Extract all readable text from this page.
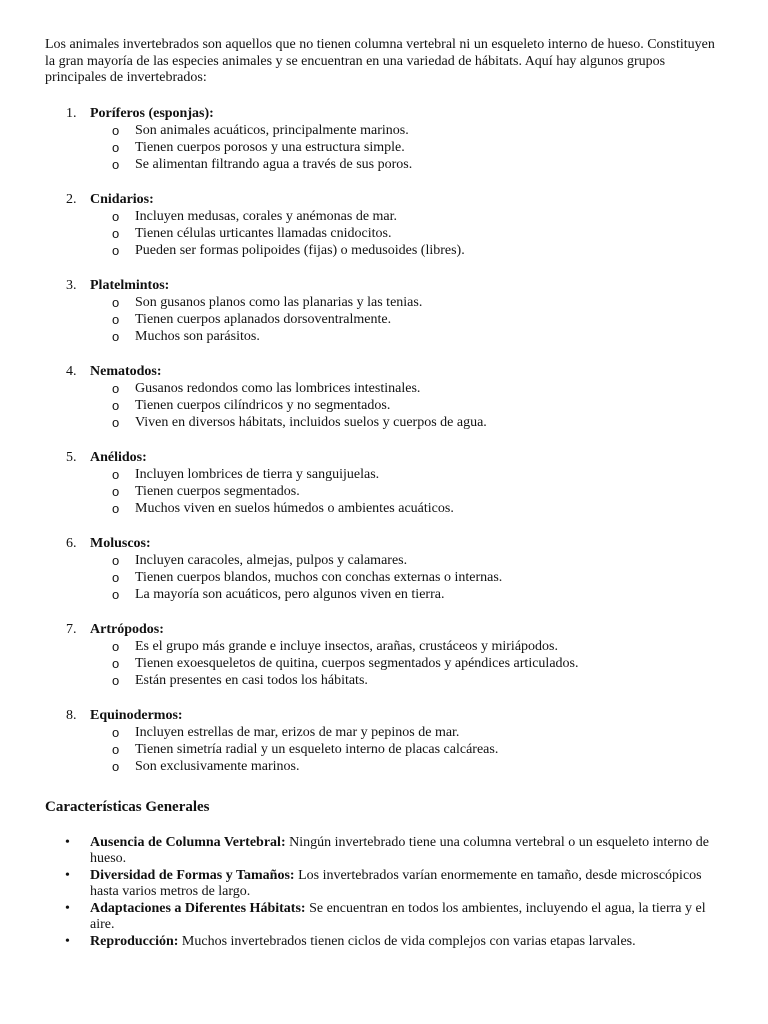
Los animales invertebrados son aquellos que no tienen columna vertebral ni un esqueleto interno de hueso. Constituyen la gran mayoría de las especies animales y se encuentran en una variedad de hábitats. Aquí hay algunos grupos principales de invertebrados:

1. Poríferos (esponjas):
o Son animales acuáticos, principalmente marinos.
o Tienen cuerpos porosos y una estructura simple.
o Se alimentan filtrando agua a través de sus poros.
2. Cnidarios:
o Incluyen medusas, corales y anémonas de mar.
o Tienen células urticantes llamadas cnidocitos.
o Pueden ser formas polipoides (fijas) o medusoides (libres).
3. Platelmintos:
o Son gusanos planos como las planarias y las tenias.
o Tienen cuerpos aplanados dorsoventralmente.
o Muchos son parásitos.
4. Nematodos:
o Gusanos redondos como las lombrices intestinales.
o Tienen cuerpos cilíndricos y no segmentados.
o Viven en diversos hábitats, incluidos suelos y cuerpos de agua.
5. Anélidos:
o Incluyen lombrices de tierra y sanguijuelas.
o Tienen cuerpos segmentados.
o Muchos viven en suelos húmedos o ambientes acuáticos.
6. Moluscos:
o Incluyen caracoles, almejas, pulpos y calamares.
o Tienen cuerpos blandos, muchos con conchas externas o internas.
o La mayoría son acuáticos, pero algunos viven en tierra.
7. Artrópodos:
o Es el grupo más grande e incluye insectos, arañas, crustáceos y miriápodos.
o Tienen exoesqueletos de quitina, cuerpos segmentados y apéndices articulados.
o Están presentes en casi todos los hábitats.
8. Equinodermos:
o Incluyen estrellas de mar, erizos de mar y pepinos de mar.
o Tienen simetría radial y un esqueleto interno de placas calcáreas.
o Son exclusivamente marinos.
Características Generales
• Ausencia de Columna Vertebral: Ningún invertebrado tiene una columna vertebral o un esqueleto interno de hueso.
• Diversidad de Formas y Tamaños: Los invertebrados varían enormemente en tamaño, desde microscópicos hasta varios metros de largo.
• Adaptaciones a Diferentes Hábitats: Se encuentran en todos los ambientes, incluyendo el agua, la tierra y el aire.
• Reproducción: Muchos invertebrados tienen ciclos de vida complejos con varias etapas larvales.
